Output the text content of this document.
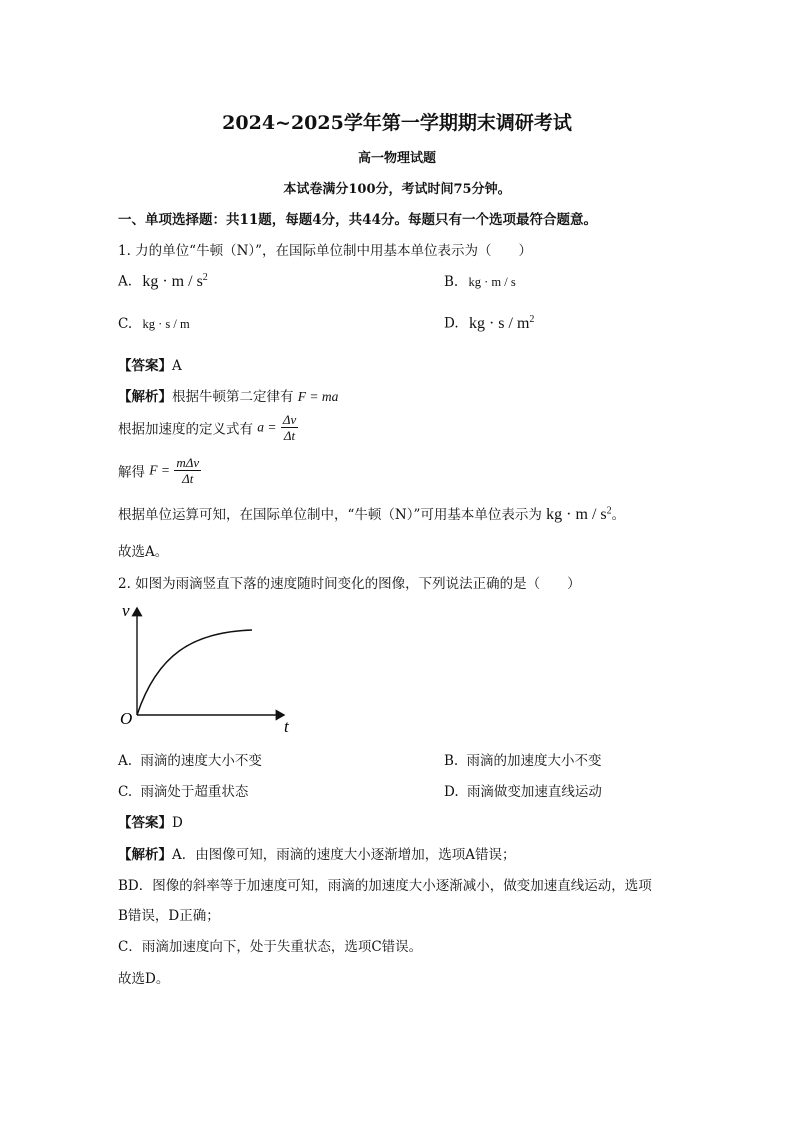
2024~2025学年第一学期期末调研考试
高一物理试题
本试卷满分100分，考试时间75分钟。
一、单项选择题：共11题，每题4分，共44分。每题只有一个选项最符合题意。
1. 力的单位“牛顿（N）”，在国际单位制中用基本单位表示为（　　）
A. kg · m / $s^2$	B. kg · m / s
C. kg · s / m	D. kg · s / $m^2$
【答案】A
【解析】根据牛顿第二定律有 F = ma
根据加速度的定义式有 $a = \frac{\Delta v}{\Delta t}$
解得 $F = \frac{\text{mΔv}}{\Delta t}$
根据单位运算可知，在国际单位制中，“牛顿（N）”可用基本单位表示为 kg · m / $s^2$。
故选A。
2. 如图为雨滴竖直下落的速度随时间变化的图像，下列说法正确的是（　　）
v
t
O
A. 雨滴的速度大小不变	B. 雨滴的加速度大小不变
C. 雨滴处于超重状态	D. 雨滴做变加速直线运动
【答案】D
【解析】A．由图像可知，雨滴的速度大小逐渐增加，选项A错误；
BD．图像的斜率等于加速度可知，雨滴的加速度大小逐渐减小，做变加速直线运动，选项
B错误，D正确；
C．雨滴加速度向下，处于失重状态，选项C错误。
故选D。
